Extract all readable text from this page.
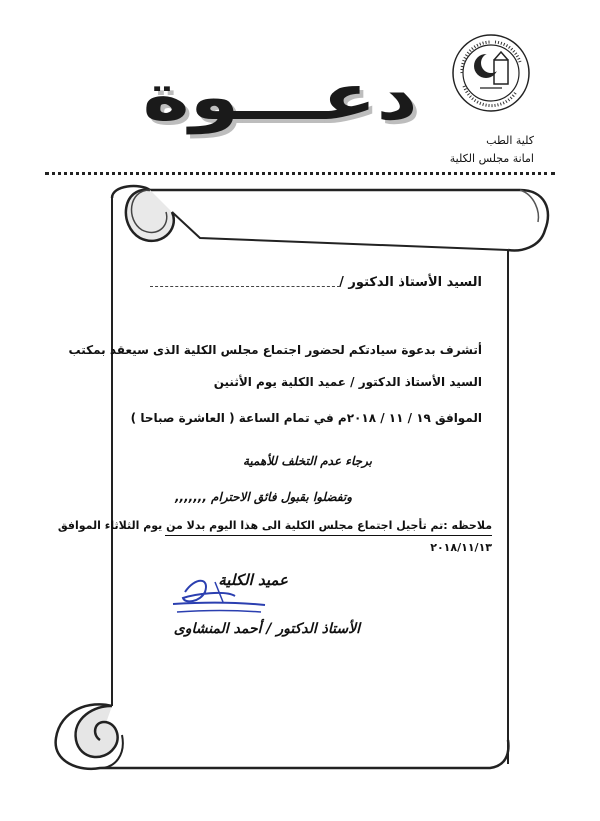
دعـــوة
كلية الطب
امانة مجلس الكلية
السيد الأستاذ الدكتور /
أتشرف بدعوة سيادتكم لحضور اجتماع مجلس الكلية الذى سيعقد بمكتب
السيد الأستاذ الدكتور / عميد الكلية يوم الأثنين
الموافق ١٩ / ١١ / ٢٠١٨م في تمام الساعة ( العاشرة صباحا )
برجاء عدم التخلف للأهمية
وتفضلوا بقبول فائق الاحترام ,,,,,,,
ملاحظه :تم تأجيل اجتماع مجلس الكلية الى هذا اليوم بدلا من يوم الثلاثاء الموافق
٢٠١٨/١١/١٣
عميد الكلية
الأستاذ الدكتور / أحمد المنشاوى
